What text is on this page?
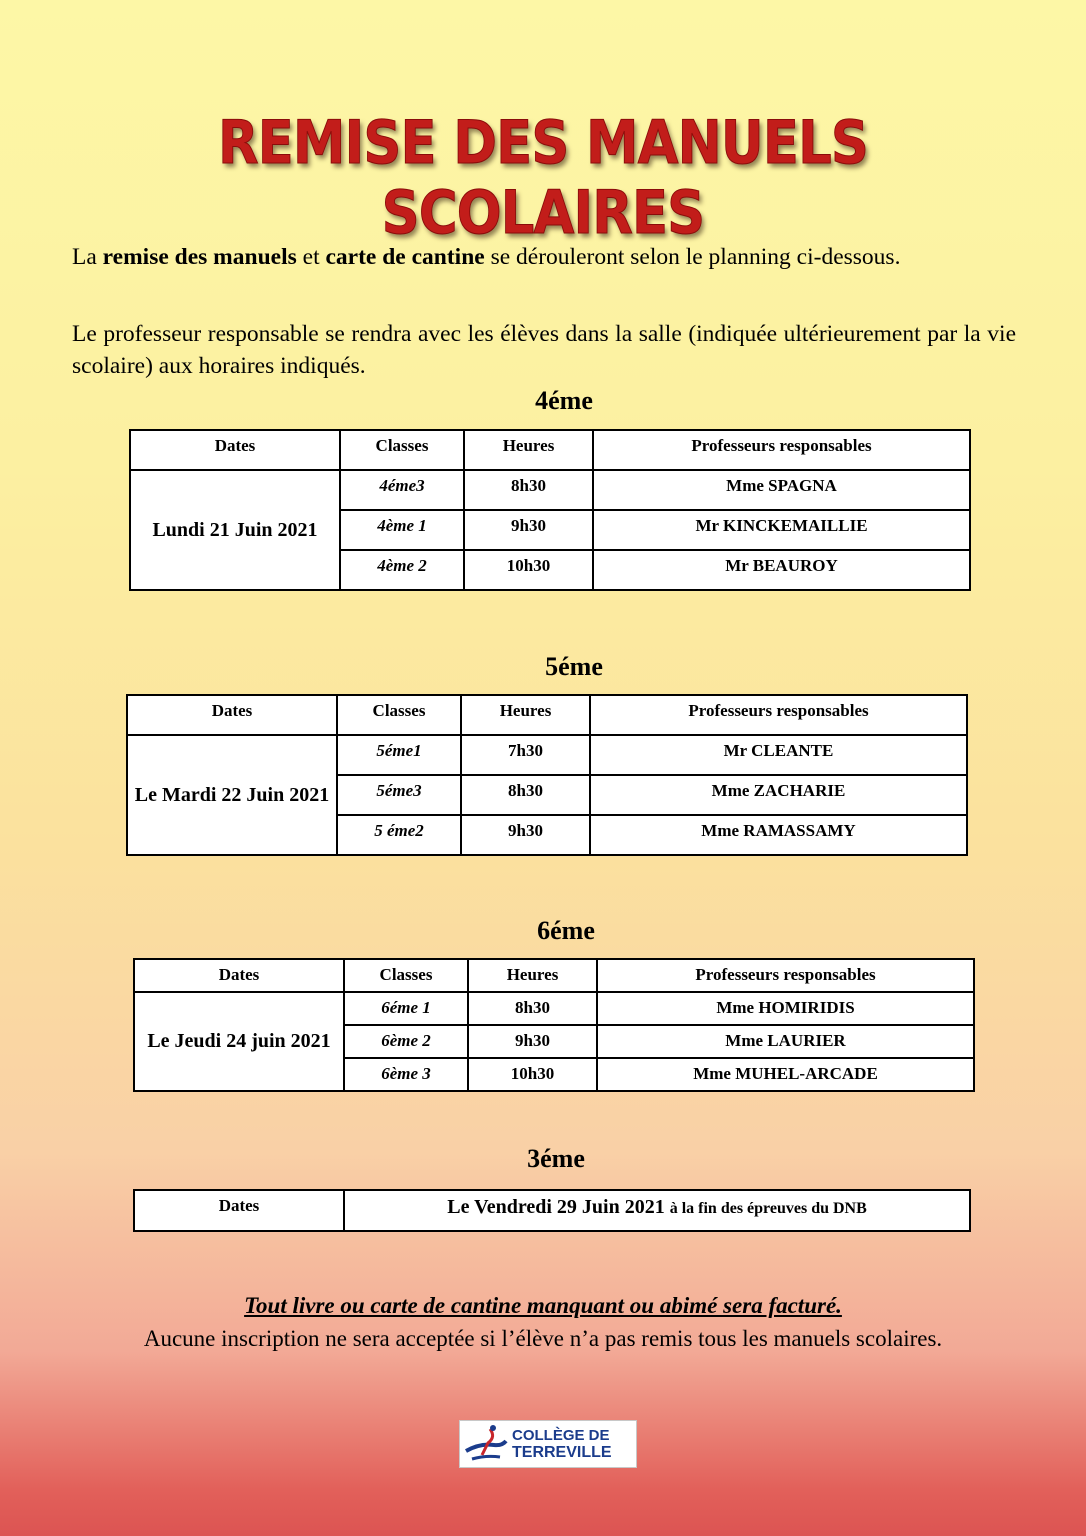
REMISE DES MANUELS SCOLAIRES

La remise des manuels et carte de cantine se dérouleront selon le planning ci-dessous.

Le professeur responsable se rendra avec les élèves dans la salle (indiquée ultérieurement par la vie scolaire) aux horaires indiqués.

4éme
Dates	Classes	Heures	Professeurs responsables
Lundi 21 Juin 2021	4éme3	8h30	Mme SPAGNA
	4ème 1	9h30	Mr KINCKEMAILLIE
	4ème 2	10h30	Mr BEAUROY
5éme
Dates	Classes	Heures	Professeurs responsables
Le Mardi 22 Juin 2021	5éme1	7h30	Mr CLEANTE
	5éme3	8h30	Mme ZACHARIE
	5 éme2	9h30	Mme RAMASSAMY
6éme
Dates	Classes	Heures	Professeurs responsables
Le Jeudi 24 juin 2021	6éme 1	8h30	Mme HOMIRIDIS
	6ème 2	9h30	Mme LAURIER
	6ème 3	10h30	Mme MUHEL-ARCADE
3éme
Dates	Le Vendredi 29 Juin 2021 à la fin des épreuves du DNB

Tout livre ou carte de cantine manquant ou abimé sera facturé.

Aucune inscription ne sera acceptée si l’élève n’a pas remis tous les manuels scolaires.

COLLÈGE DE
TERREVILLE
